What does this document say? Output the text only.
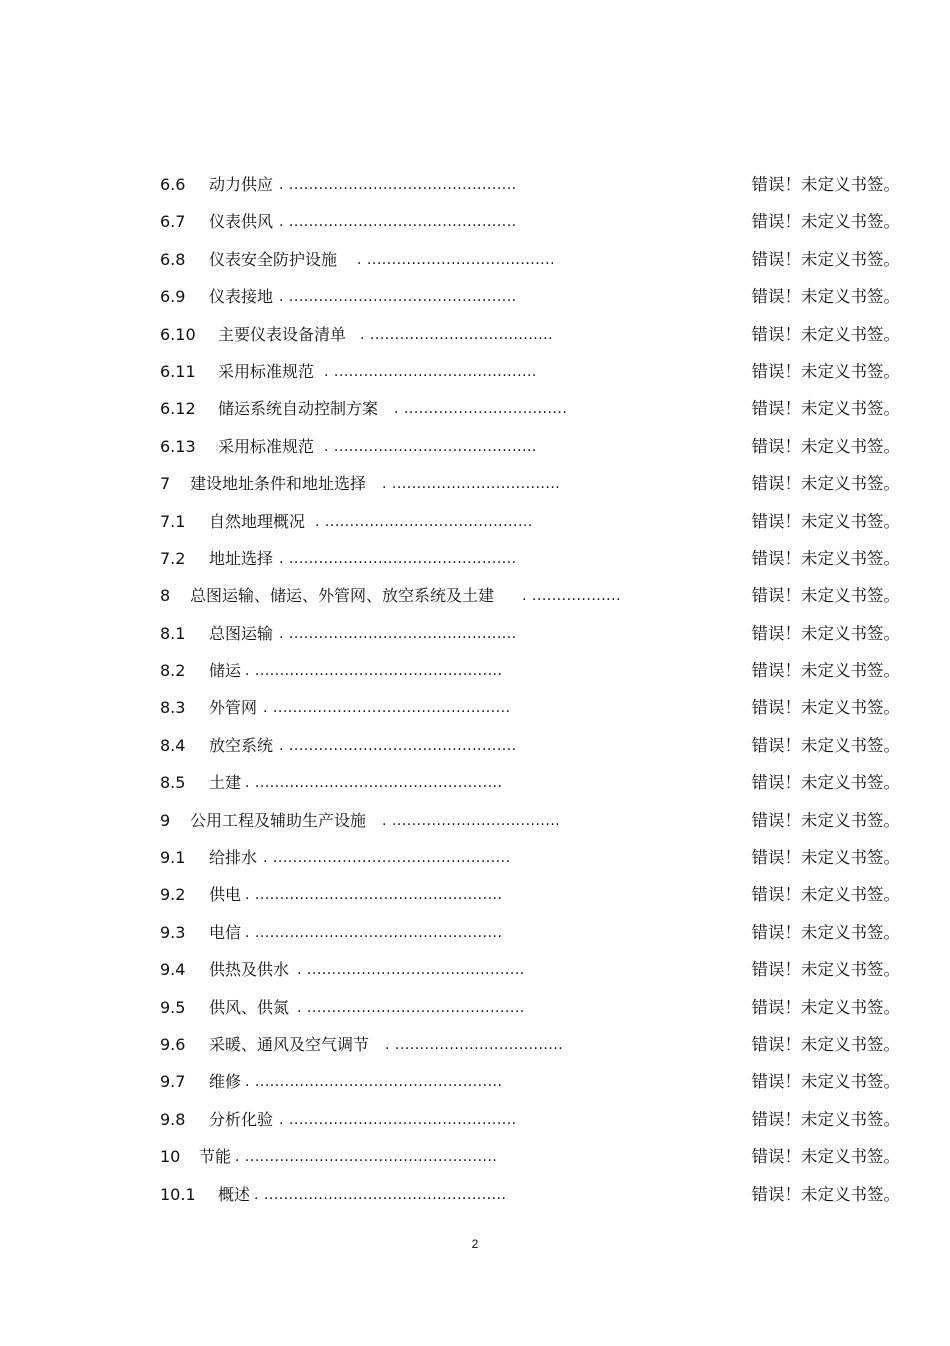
6.6 动力供应 . ..............................................	错误！未定义书签。
6.7 仪表供风 . ..............................................	错误！未定义书签。
6.8 仪表安全防护设施 . ......................................	错误！未定义书签。
6.9 仪表接地 . ..............................................	错误！未定义书签。
6.10 主要仪表设备清单 . .....................................	错误！未定义书签。
6.11 采用标准规范 . .........................................	错误！未定义书签。
6.12 储运系统自动控制方案 . .................................	错误！未定义书签。
6.13 采用标准规范 . .........................................	错误！未定义书签。
7 建设地址条件和地址选择 . ..................................	错误！未定义书签。
7.1 自然地理概况 . ..........................................	错误！未定义书签。
7.2 地址选择 . ..............................................	错误！未定义书签。
8 总图运输、储运、外管网、放空系统及土建 . ..................	错误！未定义书签。
8.1 总图运输 . ..............................................	错误！未定义书签。
8.2 储运 . ..................................................	错误！未定义书签。
8.3 外管网 . ................................................	错误！未定义书签。
8.4 放空系统 . ..............................................	错误！未定义书签。
8.5 土建 . ..................................................	错误！未定义书签。
9 公用工程及辅助生产设施 . ..................................	错误！未定义书签。
9.1 给排水 . ................................................	错误！未定义书签。
9.2 供电 . ..................................................	错误！未定义书签。
9.3 电信 . ..................................................	错误！未定义书签。
9.4 供热及供水 . ............................................	错误！未定义书签。
9.5 供风、供氮 . ............................................	错误！未定义书签。
9.6 采暖、通风及空气调节 . ..................................	错误！未定义书签。
9.7 维修 . ..................................................	错误！未定义书签。
9.8 分析化验 . ..............................................	错误！未定义书签。
10 节能 . ...................................................	错误！未定义书签。
10.1 概述 . .................................................	错误！未定义书签。
2
